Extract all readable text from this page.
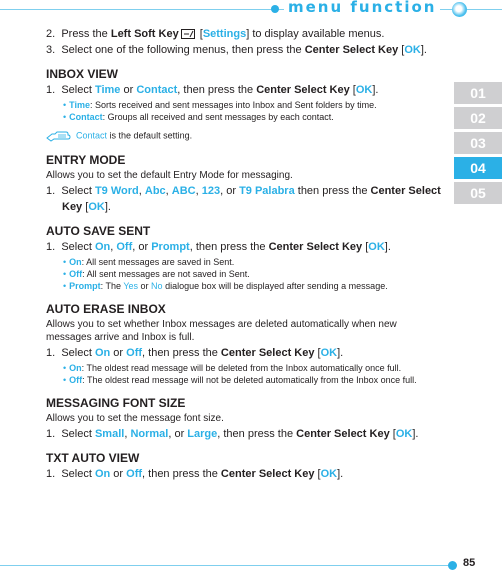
menu function
01
02
03
04
05
2. Press the Left Soft Key [Settings] to display available menus.
3. Select one of the following menus, then press the Center Select Key [OK].
INBOX VIEW
1. Select Time or Contact, then press the Center Select Key [OK].
• Time: Sorts received and sent messages into Inbox and Sent folders by time.
• Contact: Groups all received and sent messages by each contact.
Contact is the default setting.
ENTRY MODE
Allows you to set the default Entry Mode for messaging.
1. Select T9 Word, Abc, ABC, 123, or T9 Palabra then press the Center Select
Key [OK].
AUTO SAVE SENT
1. Select On, Off, or Prompt, then press the Center Select Key [OK].
• On: All sent messages are saved in Sent.
• Off: All sent messages are not saved in Sent.
• Prompt: The Yes or No dialogue box will be displayed after sending a message.
AUTO ERASE INBOX
Allows you to set whether Inbox messages are deleted automatically when new
messages arrive and Inbox is full.
1. Select On or Off, then press the Center Select Key [OK].
• On: The oldest read message will be deleted from the Inbox automatically once full.
• Off: The oldest read message will not be deleted automatically from the Inbox once full.
MESSAGING FONT SIZE
Allows you to set the message font size.
1. Select Small, Normal, or Large, then press the Center Select Key [OK].
TXT AUTO VIEW
1. Select On or Off, then press the Center Select Key [OK].
85
